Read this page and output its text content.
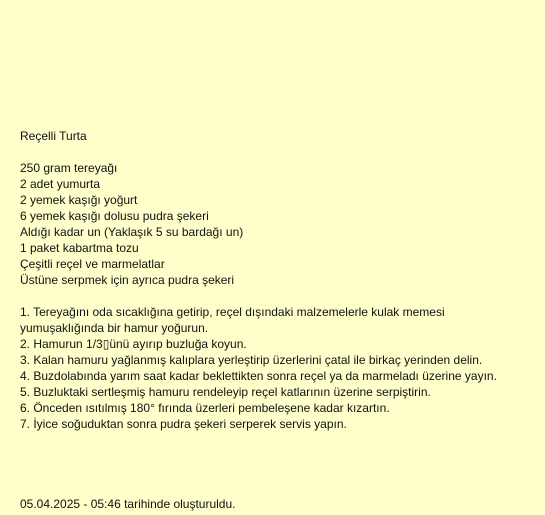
Reçelli Turta
250 gram tereyağı
2 adet yumurta
2 yemek kaşığı yoğurt
6 yemek kaşığı dolusu pudra şekeri
Aldığı kadar un (Yaklaşık 5 su bardağı un)
1 paket kabartma tozu
Çeşitli reçel ve marmelatlar
Üstüne serpmek için ayrıca pudra şekeri
1. Tereyağını oda sıcaklığına getirip, reçel dışındaki malzemelerle kulak memesi yumuşaklığında bir hamur yoğurun.
2. Hamurun 1/3▯ünü ayırıp buzluğa koyun.
3. Kalan hamuru yağlanmış kalıplara yerleştirip üzerlerini çatal ile birkaç yerinden delin.
4. Buzdolabında yarım saat kadar beklettikten sonra reçel ya da marmeladı üzerine yayın.
5. Buzluktaki sertleşmiş hamuru rendeleyip reçel katlarının üzerine serpiştirin.
6. Önceden ısıtılmış 180° fırında üzerleri pembeleşene kadar kızartın.
7. İyice soğuduktan sonra pudra şekeri serperek servis yapın.
05.04.2025 - 05:46 tarihinde oluşturuldu.
